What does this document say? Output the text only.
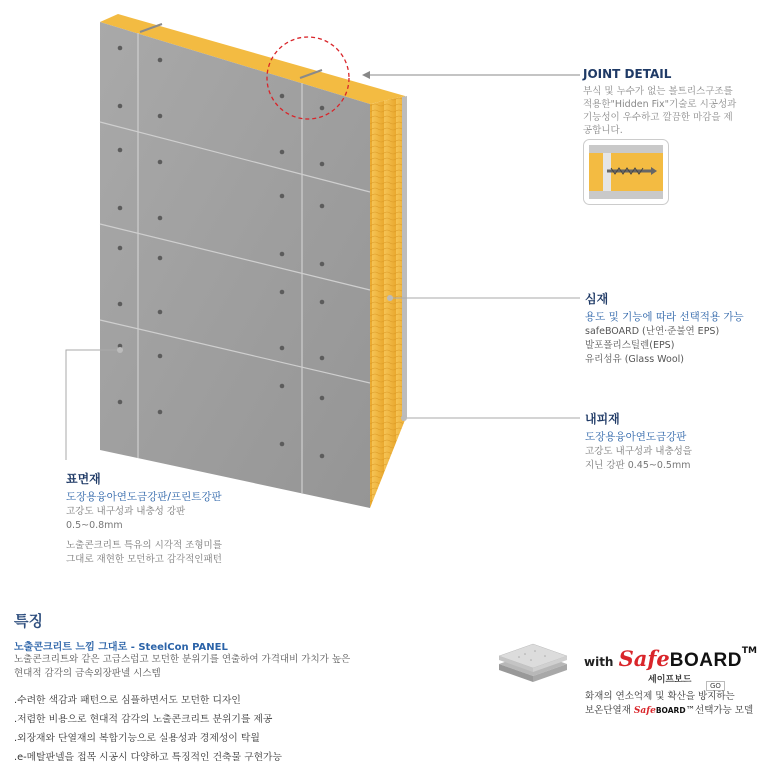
JOINT DETAIL
부식 및 누수가 없는 볼트리스구조를
적용한"Hidden Fix"기술로 시공성과
기능성이 우수하고 깔끔한 마감을 제
공합니다.
심재
용도 및 기능에 따라 선택적용 가능
safeBOARD (난연·준불연 EPS)
발포폴리스틸렌(EPS)
유리섬유 (Glass Wool)
내피재
도장용융아연도금강판
고강도 내구성과 내충성을
지닌 강판 0.45~0.5mm
표면재
도장용융아연도금강판/프린트강판
고강도 내구성과 내충성 강판
0.5~0.8mm
노출콘크리트 특유의 시각적 조형미를
그대로 재현한 모던하고 감각적인패턴
특징
노출콘크리트 느낌 그대로 - SteelCon PANEL
노출콘크리트와 같은 고급스럽고 모던한 분위기를 연출하여 가격대비 가치가 높은
현대적 감각의 금속외장판넬 시스템
.수려한 색감과 패턴으로 심플하면서도 모던한 디자인
.저렴한 비용으로 현대적 감각의 노출콘크리트 분위기를 제공
.외장재와 단열재의 복합기능으로 실용성과 경제성이 탁월
.e-메탈판넬을 접목 시공시 다양하고 특징적인 건축물 구현가능
with SafeBOARD™
세이프보드
GO
화재의 연소억제 및 확산을 방지하는
보온단열재 SafeBOARD™선택가능 모델
